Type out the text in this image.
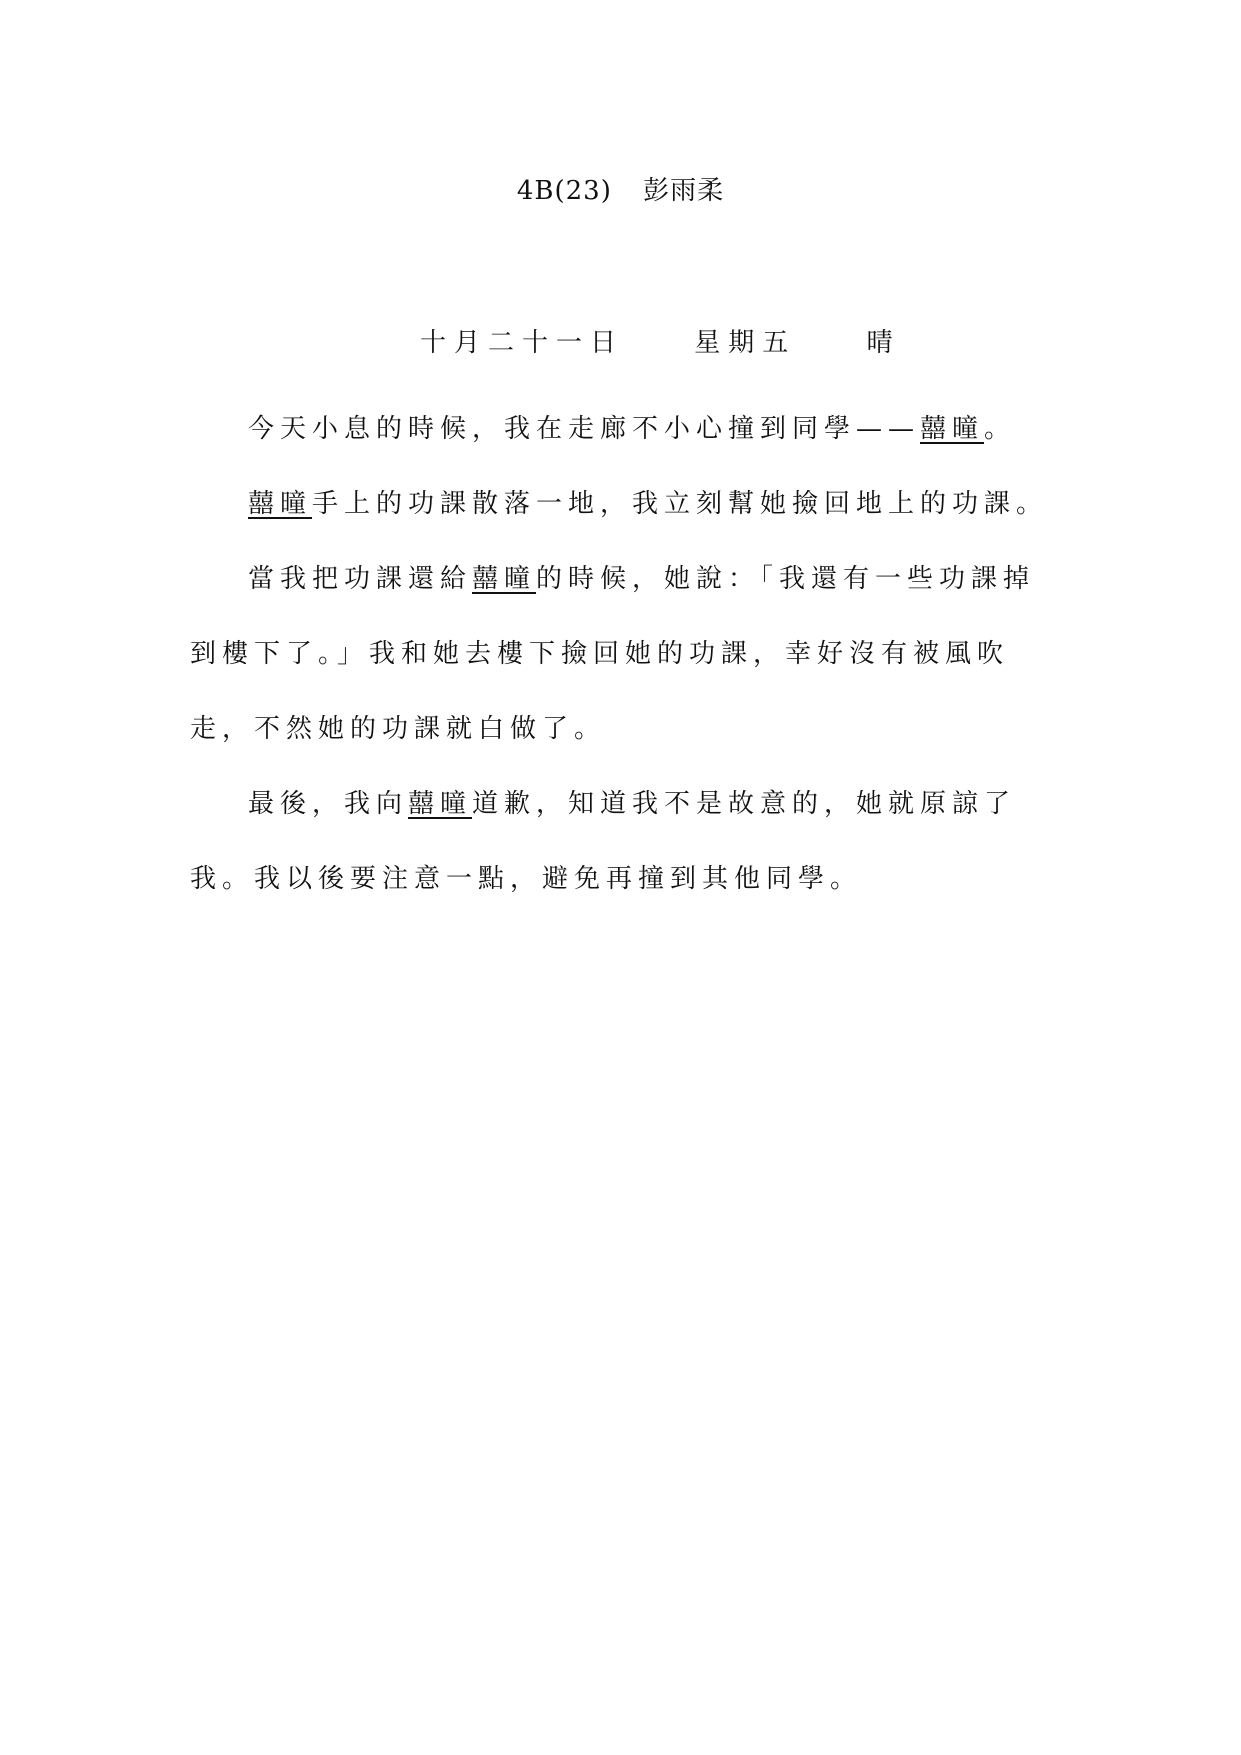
4B(23) 彭雨柔
十月二十一日	星期五	晴

今天小息的時候，我在走廊不小心撞到同學——囍曈。

囍曈手上的功課散落一地，我立刻幫她撿回地上的功課。

當我把功課還給囍曈的時候，她說：「我還有一些功課掉到樓下了。」我和她去樓下撿回她的功課，幸好沒有被風吹走，不然她的功課就白做了。

最後，我向囍曈道歉，知道我不是故意的，她就原諒了我。我以後要注意一點，避免再撞到其他同學。
